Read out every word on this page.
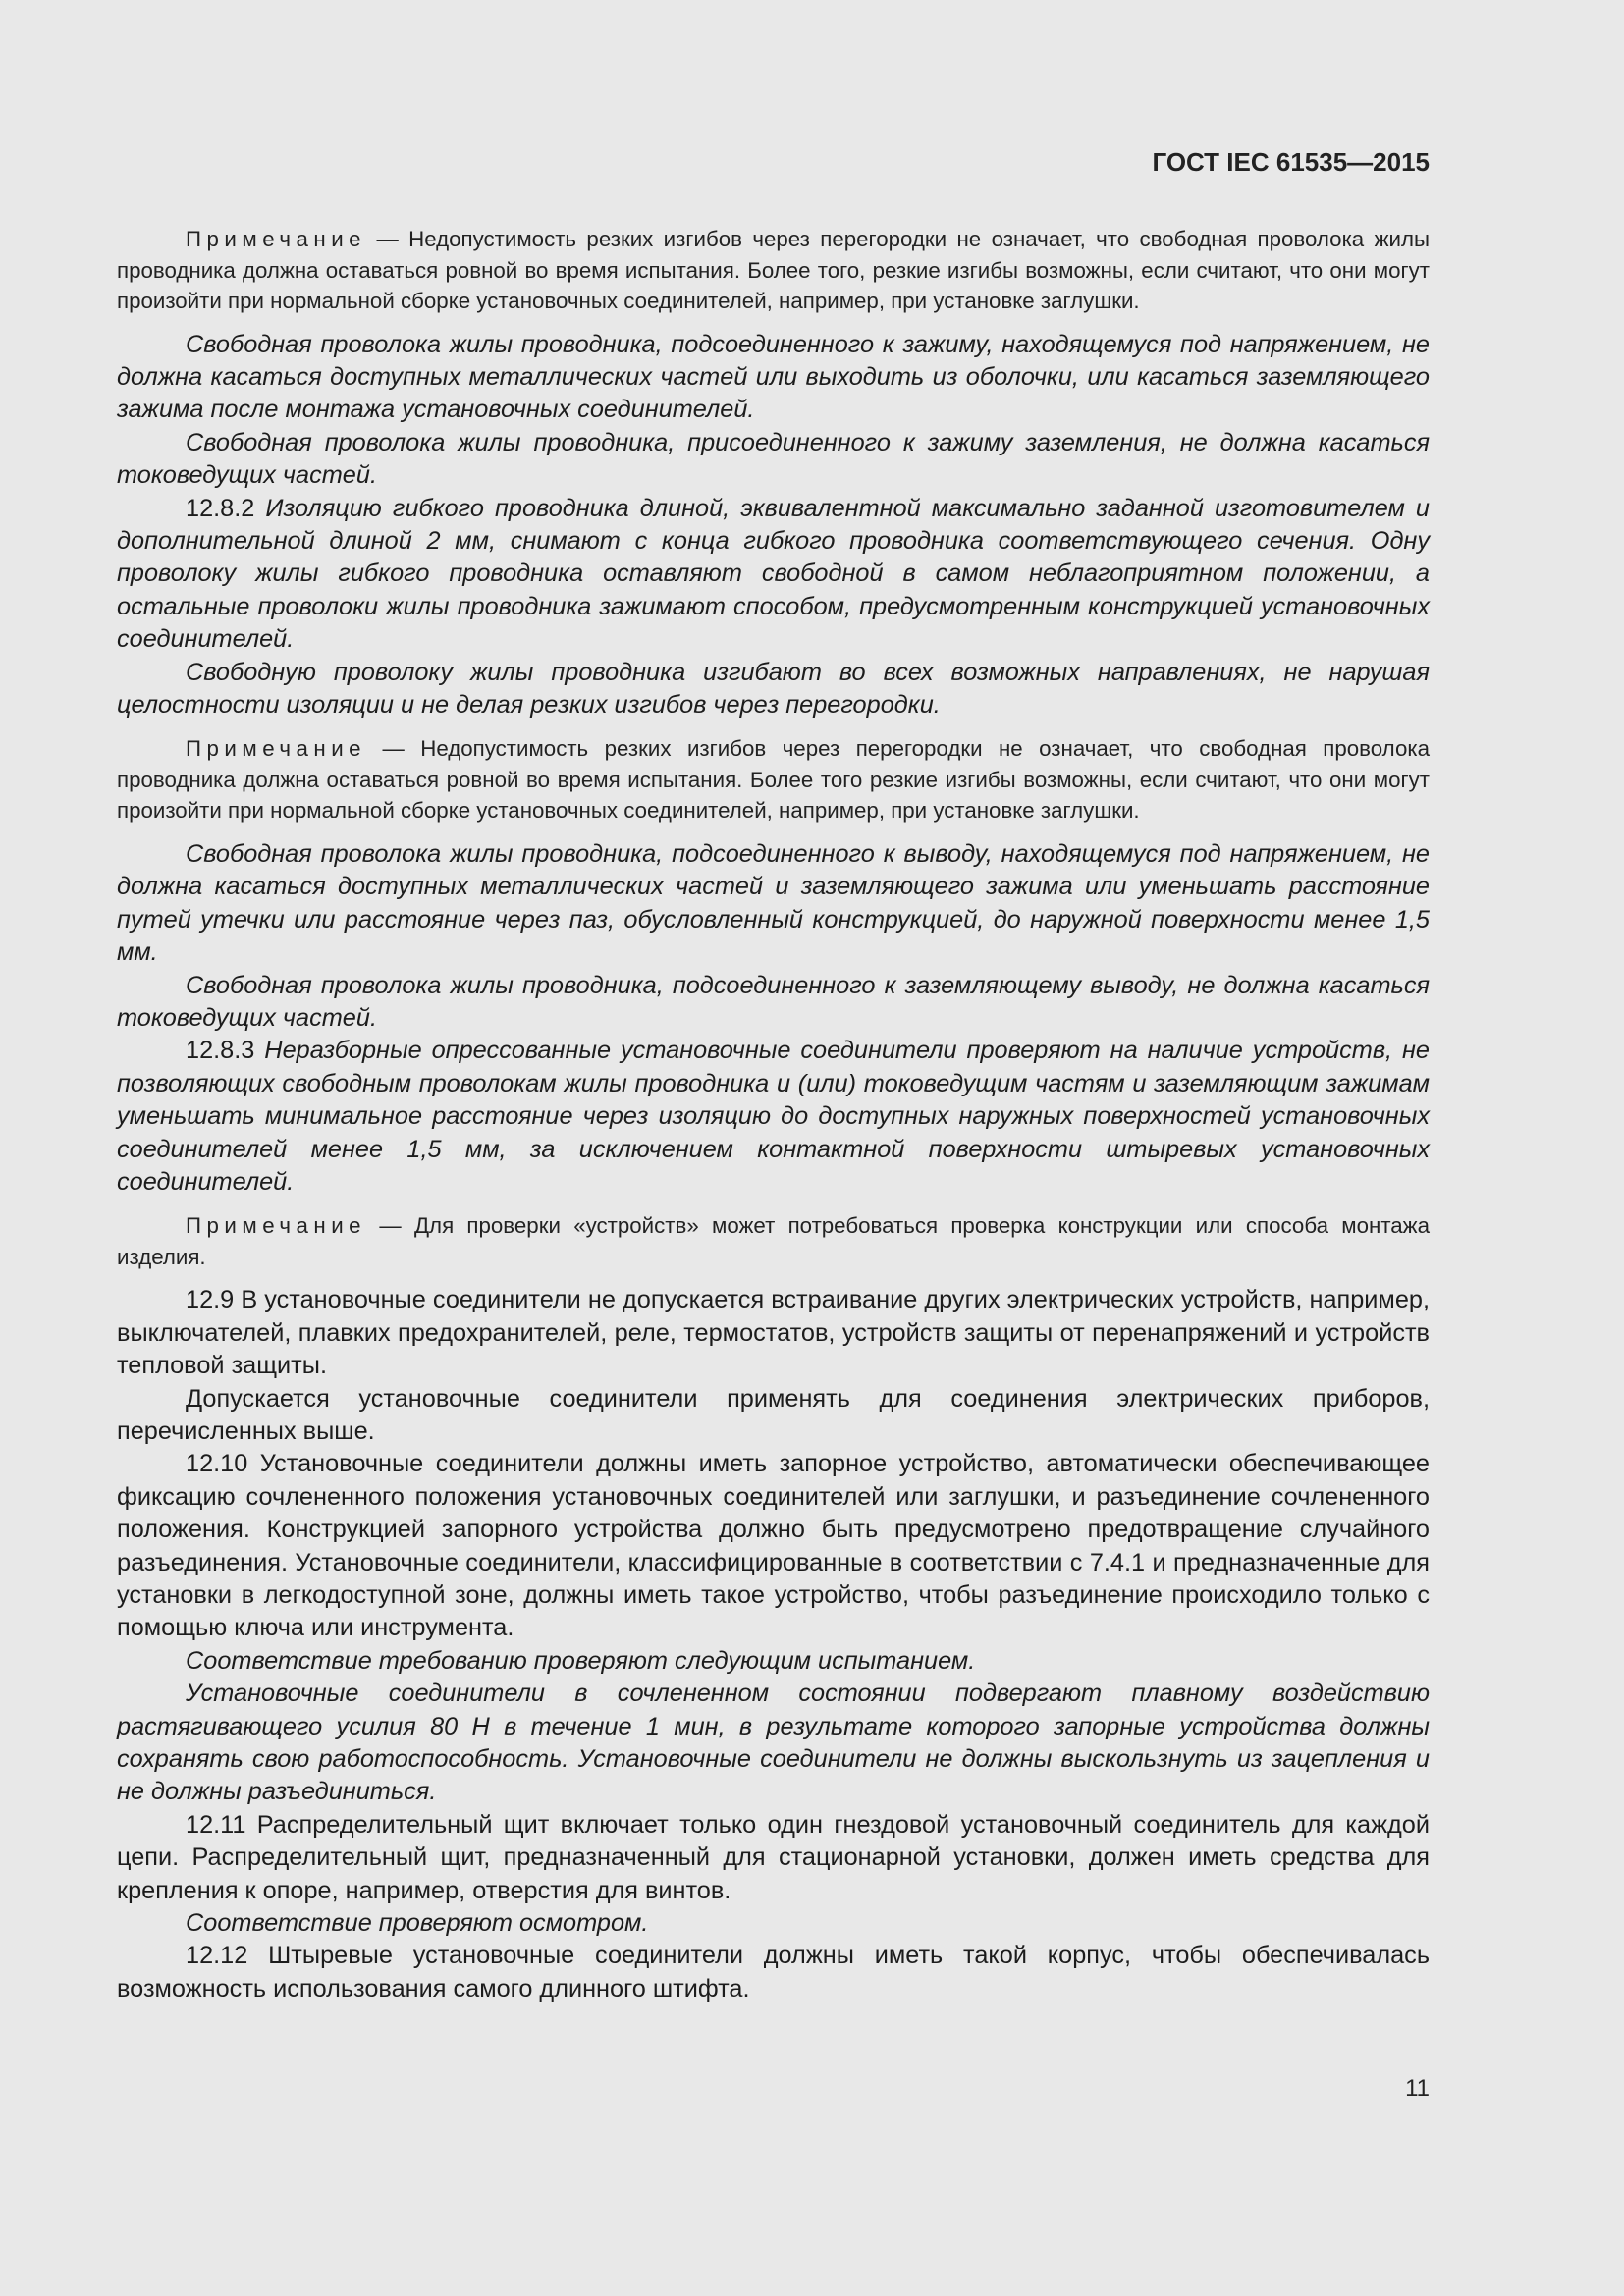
ГОСТ IEC 61535—2015

Примечание — Недопустимость резких изгибов через перегородки не означает, что свободная проволока жилы проводника должна оставаться ровной во время испытания. Более того, резкие изгибы возможны, если считают, что они могут произойти при нормальной сборке установочных соединителей, например, при установке заглушки.

Свободная проволока жилы проводника, подсоединенного к зажиму, находящемуся под напряжением, не должна касаться доступных металлических частей или выходить из оболочки, или касаться заземляющего зажима после монтажа установочных соединителей.

Свободная проволока жилы проводника, присоединенного к зажиму заземления, не должна касаться токоведущих частей.

12.8.2 Изоляцию гибкого проводника длиной, эквивалентной максимально заданной изготовителем и дополнительной длиной 2 мм, снимают с конца гибкого проводника соответствующего сечения. Одну проволоку жилы гибкого проводника оставляют свободной в самом неблагоприятном положении, а остальные проволоки жилы проводника зажимают способом, предусмотренным конструкцией установочных соединителей.

Свободную проволоку жилы проводника изгибают во всех возможных направлениях, не нарушая целостности изоляции и не делая резких изгибов через перегородки.

Примечание — Недопустимость резких изгибов через перегородки не означает, что свободная проволока проводника должна оставаться ровной во время испытания. Более того резкие изгибы возможны, если считают, что они могут произойти при нормальной сборке установочных соединителей, например, при установке заглушки.

Свободная проволока жилы проводника, подсоединенного к выводу, находящемуся под напряжением, не должна касаться доступных металлических частей и заземляющего зажима или уменьшать расстояние путей утечки или расстояние через паз, обусловленный конструкцией, до наружной поверхности менее 1,5 мм.

Свободная проволока жилы проводника, подсоединенного к заземляющему выводу, не должна касаться токоведущих частей.

12.8.3 Неразборные опрессованные установочные соединители проверяют на наличие устройств, не позволяющих свободным проволокам жилы проводника и (или) токоведущим частям и заземляющим зажимам уменьшать минимальное расстояние через изоляцию до доступных наружных поверхностей установочных соединителей менее 1,5 мм, за исключением контактной поверхности штыревых установочных соединителей.

Примечание — Для проверки «устройств» может потребоваться проверка конструкции или способа монтажа изделия.

12.9 В установочные соединители не допускается встраивание других электрических устройств, например, выключателей, плавких предохранителей, реле, термостатов, устройств защиты от перенапряжений и устройств тепловой защиты.

Допускается установочные соединители применять для соединения электрических приборов, перечисленных выше.

12.10 Установочные соединители должны иметь запорное устройство, автоматически обеспечивающее фиксацию сочлененного положения установочных соединителей или заглушки, и разъединение сочлененного положения. Конструкцией запорного устройства должно быть предусмотрено предотвращение случайного разъединения. Установочные соединители, классифицированные в соответствии с 7.4.1 и предназначенные для установки в легкодоступной зоне, должны иметь такое устройство, чтобы разъединение происходило только с помощью ключа или инструмента.

Соответствие требованию проверяют следующим испытанием.

Установочные соединители в сочлененном состоянии подвергают плавному воздействию растягивающего усилия 80 Н в течение 1 мин, в результате которого запорные устройства должны сохранять свою работоспособность. Установочные соединители не должны выскользнуть из зацепления и не должны разъединиться.

12.11 Распределительный щит включает только один гнездовой установочный соединитель для каждой цепи. Распределительный щит, предназначенный для стационарной установки, должен иметь средства для крепления к опоре, например, отверстия для винтов.

Соответствие проверяют осмотром.

12.12 Штыревые установочные соединители должны иметь такой корпус, чтобы обеспечивалась возможность использования самого длинного штифта.

11
